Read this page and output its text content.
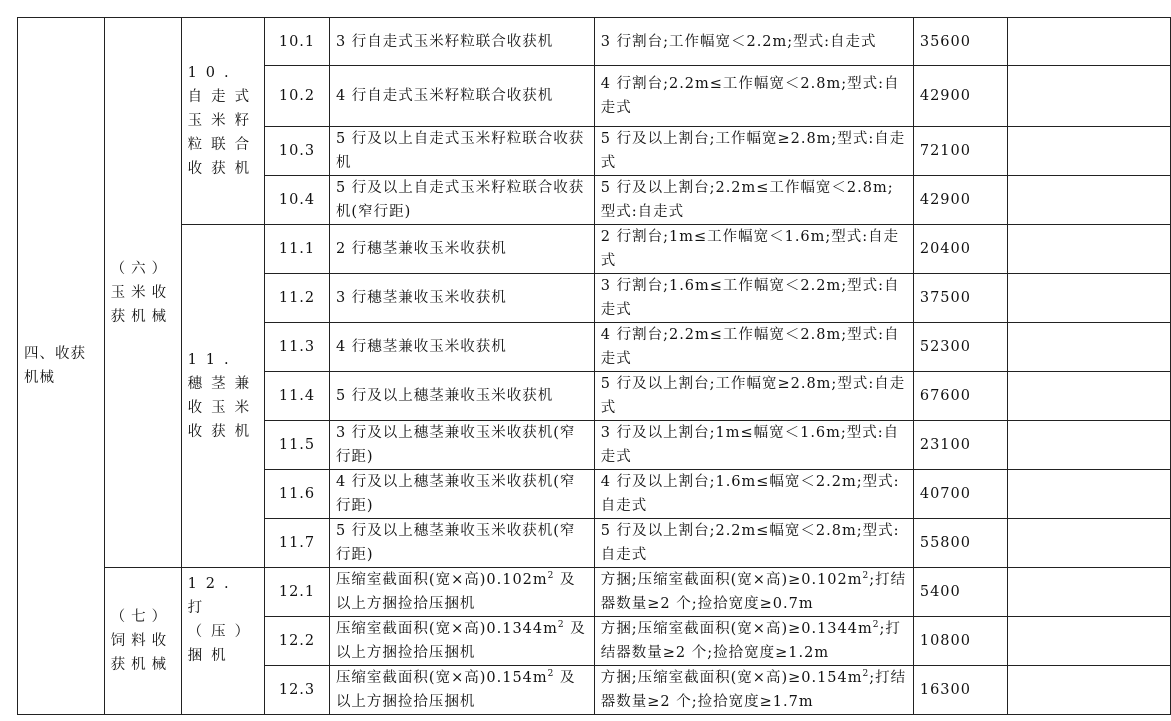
四、收获机械	（六）玉米收获机械	10.自走式玉米籽粒联合收获机	10.1	3 行自走式玉米籽粒联合收获机	3 行割台;工作幅宽＜2.2m;型式:自走式	35600	
			10.2	4 行自走式玉米籽粒联合收获机	4 行割台;2.2m≤工作幅宽＜2.8m;型式:自走式	42900	
			10.3	5 行及以上自走式玉米籽粒联合收获机	5 行及以上割台;工作幅宽≥2.8m;型式:自走式	72100	
			10.4	5 行及以上自走式玉米籽粒联合收获机(窄行距)	5 行及以上割台;2.2m≤工作幅宽＜2.8m;型式:自走式	42900	
		11.穗茎兼收玉米收获机	11.1	2 行穗茎兼收玉米收获机	2 行割台;1m≤工作幅宽＜1.6m;型式:自走式	20400	
			11.2	3 行穗茎兼收玉米收获机	3 行割台;1.6m≤工作幅宽＜2.2m;型式:自走式	37500	
			11.3	4 行穗茎兼收玉米收获机	4 行割台;2.2m≤工作幅宽＜2.8m;型式:自走式	52300	
			11.4	5 行及以上穗茎兼收玉米收获机	5 行及以上割台;工作幅宽≥2.8m;型式:自走式	67600	
			11.5	3 行及以上穗茎兼收玉米收获机(窄行距)	3 行及以上割台;1m≤幅宽＜1.6m;型式:自走式	23100	
			11.6	4 行及以上穗茎兼收玉米收获机(窄行距)	4 行及以上割台;1.6m≤幅宽＜2.2m;型式:自走式	40700	
			11.7	5 行及以上穗茎兼收玉米收获机(窄行距)	5 行及以上割台;2.2m≤幅宽＜2.8m;型式:自走式	55800	
	（七）饲料收获机械	12.打（压）捆机	12.1	压缩室截面积(宽×高)$0.102m^2$ 及以上方捆捡拾压捆机	方捆;压缩室截面积(宽×高)$\ge 0.102m^2$;打结器数量≥2 个;捡拾宽度≥0.7m	5400	
			12.2	压缩室截面积(宽×高)$0.1344m^2$ 及以上方捆捡拾压捆机	方捆;压缩室截面积(宽×高)$\ge 0.1344m^2$;打结器数量≥2 个;捡拾宽度≥1.2m	10800	
			12.3	压缩室截面积(宽×高)$0.154m^2$ 及以上方捆捡拾压捆机	方捆;压缩室截面积(宽×高)$\ge 0.154m^2$;打结器数量≥2 个;捡拾宽度≥1.7m	16300	
